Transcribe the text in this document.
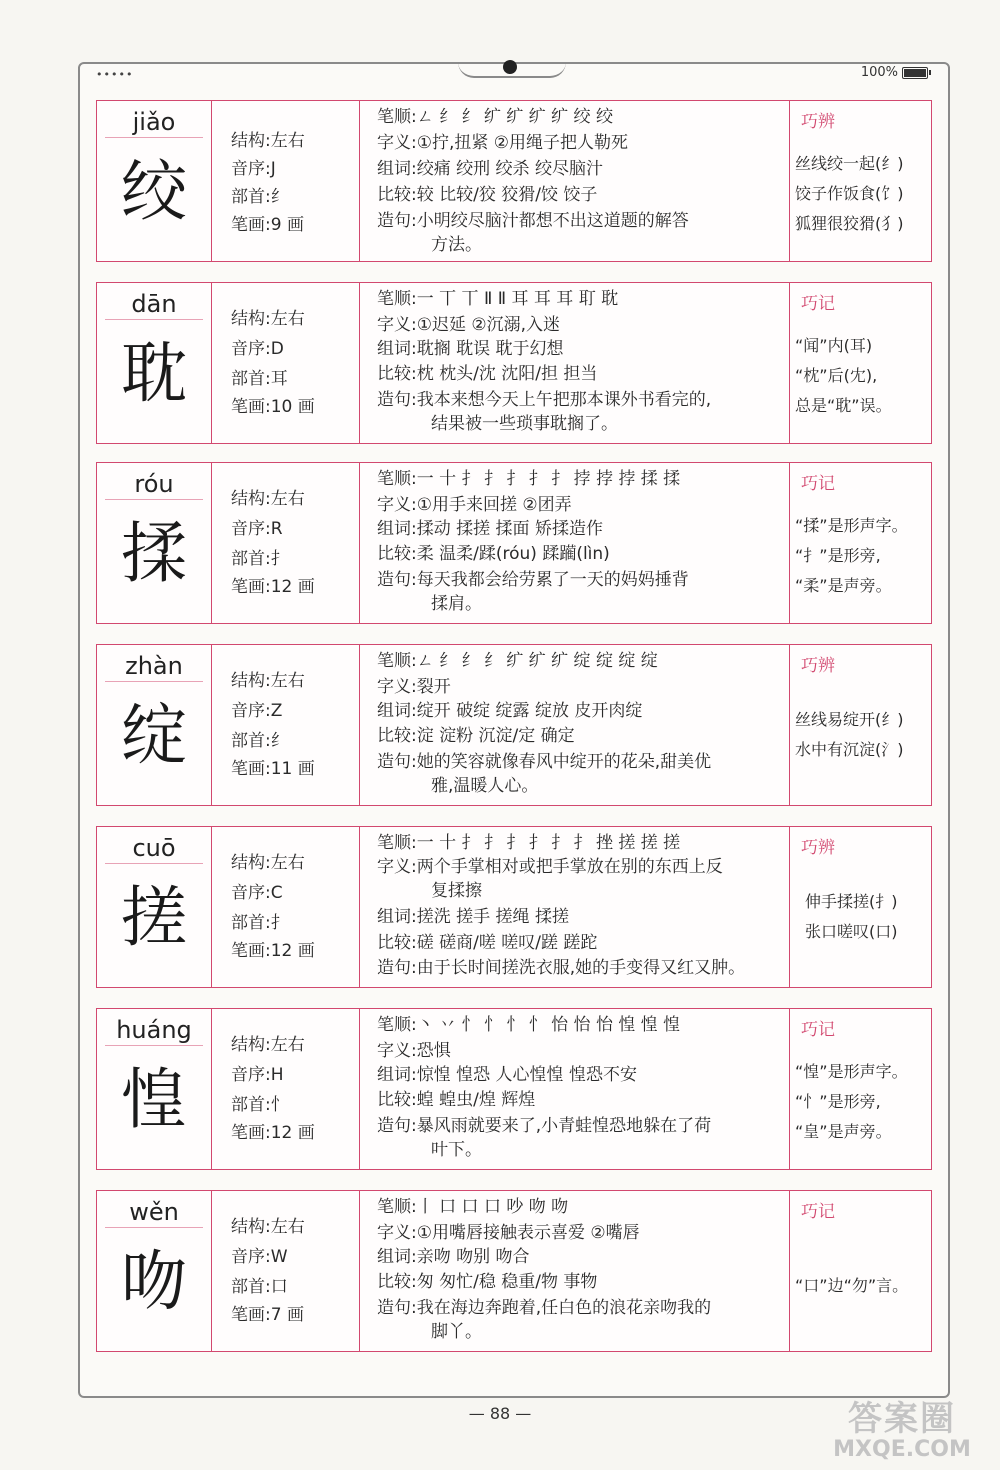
•••••	100%
jiǎo
绞
结构:左右
音序:J
部首:纟
笔画:9 画
笔顺:ㄥ 纟 纟 纩 纩 纩 纩 绞 绞
字义:①拧,扭紧 ②用绳子把人勒死
组词:绞痛 绞刑 绞杀 绞尽脑汁
比较:较 比较/狡 狡猾/饺 饺子
造句:小明绞尽脑汁都想不出这道题的解答
方法。
巧辨
丝线绞一起(纟)
饺子作饭食(饣)
狐狸很狡猾(犭)
dān
耽
结构:左右
音序:D
部首:耳
笔画:10 画
笔顺:一 丅 丅 Ⅱ Ⅱ 耳 耳 耳 耵 耽
字义:①迟延 ②沉溺,入迷
组词:耽搁 耽误 耽于幻想
比较:枕 枕头/沈 沈阳/担 担当
造句:我本来想今天上午把那本课外书看完的,
结果被一些琐事耽搁了。
巧记
“闻”内(耳)
“枕”后(冘),
总是“耽”误。
róu
揉
结构:左右
音序:R
部首:扌
笔画:12 画
笔顺:一 十 扌 扌 扌 扌 扌 挬 挬 挬 揉 揉
字义:①用手来回搓 ②团弄
组词:揉动 揉搓 揉面 矫揉造作
比较:柔 温柔/蹂(róu) 蹂躏(lìn)
造句:每天我都会给劳累了一天的妈妈捶背
揉肩。
巧记
“揉”是形声字。
“扌”是形旁,
“柔”是声旁。
zhàn
绽
结构:左右
音序:Z
部首:纟
笔画:11 画
笔顺:ㄥ 纟 纟 纟 纩 纩 纩 绽 绽 绽 绽
字义:裂开
组词:绽开 破绽 绽露 绽放 皮开肉绽
比较:淀 淀粉 沉淀/定 确定
造句:她的笑容就像春风中绽开的花朵,甜美优
雅,温暖人心。
巧辨
丝线易绽开(纟)
水中有沉淀(氵)
cuō
搓
结构:左右
音序:C
部首:扌
笔画:12 画
笔顺:一 十 扌 扌 扌 扌 扌 扌 挫 搓 搓 搓
字义:两个手掌相对或把手掌放在别的东西上反
复揉擦
组词:搓洗 搓手 搓绳 揉搓
比较:磋 磋商/嗟 嗟叹/蹉 蹉跎
造句:由于长时间搓洗衣服,她的手变得又红又肿。
巧辨
伸手揉搓(扌)
张口嗟叹(口)
huáng
惶
结构:左右
音序:H
部首:忄
笔画:12 画
笔顺:丶 丷 忄 忄 忄 忄 怡 怡 怡 惶 惶 惶
字义:恐惧
组词:惊惶 惶恐 人心惶惶 惶恐不安
比较:蝗 蝗虫/煌 辉煌
造句:暴风雨就要来了,小青蛙惶恐地躲在了荷
叶下。
巧记
“惶”是形声字。
“忄”是形旁,
“皇”是声旁。
wěn
吻
结构:左右
音序:W
部首:口
笔画:7 画
笔顺:丨 口 口 口 吵 吻 吻
字义:①用嘴唇接触表示喜爱 ②嘴唇
组词:亲吻 吻别 吻合
比较:匆 匆忙/稳 稳重/物 事物
造句:我在海边奔跑着,任白色的浪花亲吻我的
脚丫。
巧记
“口”边“勿”言。
— 88 —	答案圈
MXQE.COM
